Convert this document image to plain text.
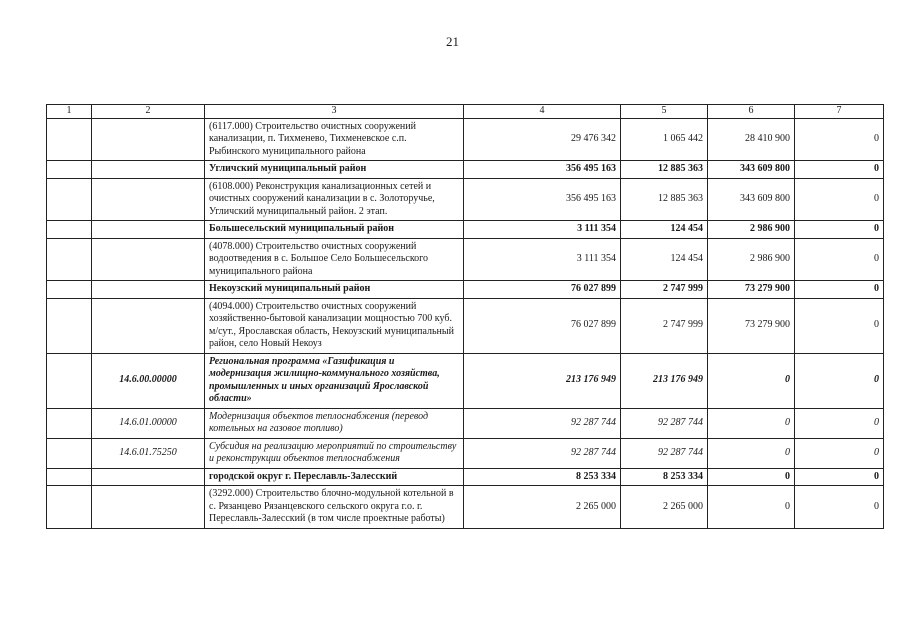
21
1	2	3	4	5	6	7
		(6117.000) Строительство очистных сооружений канализации, п. Тихменево, Тихменевское с.п. Рыбинского муниципального района	29 476 342	1 065 442	28 410 900	0
		Угличский муниципальный район	356 495 163	12 885 363	343 609 800	0
		(6108.000) Реконструкция канализационных сетей и очистных сооружений канализации в с. Золоторучье, Угличский муниципальный район. 2 этап.	356 495 163	12 885 363	343 609 800	0
		Большесельский муниципальный район	3 111 354	124 454	2 986 900	0
		(4078.000) Строительство очистных сооружений водоотведения в с. Большое Село Большесельского муниципального района	3 111 354	124 454	2 986 900	0
		Некоузский муниципальный район	76 027 899	2 747 999	73 279 900	0
		(4094.000) Строительство очистных сооружений хозяйственно-бытовой канализации мощностью 700 куб. м/сут., Ярославская область, Некоузский муниципальный район, село Новый Некоуз	76 027 899	2 747 999	73 279 900	0
	14.6.00.00000	Региональная программа «Газификация и модернизация жилищно-коммунального хозяйства, промышленных и иных организаций Ярославской области»	213 176 949	213 176 949	0	0
	14.6.01.00000	Модернизация объектов теплоснабжения (перевод котельных на газовое топливо)	92 287 744	92 287 744	0	0
	14.6.01.75250	Субсидия на реализацию мероприятий по строительству и реконструкции объектов теплоснабжения	92 287 744	92 287 744	0	0
		городской округ г. Переславль-Залесский	8 253 334	8 253 334	0	0
		(3292.000) Строительство блочно-модульной котельной в с. Рязанцево Рязанцевского сельского округа г.о. г. Переславль-Залесский (в том числе проектные работы)	2 265 000	2 265 000	0	0
